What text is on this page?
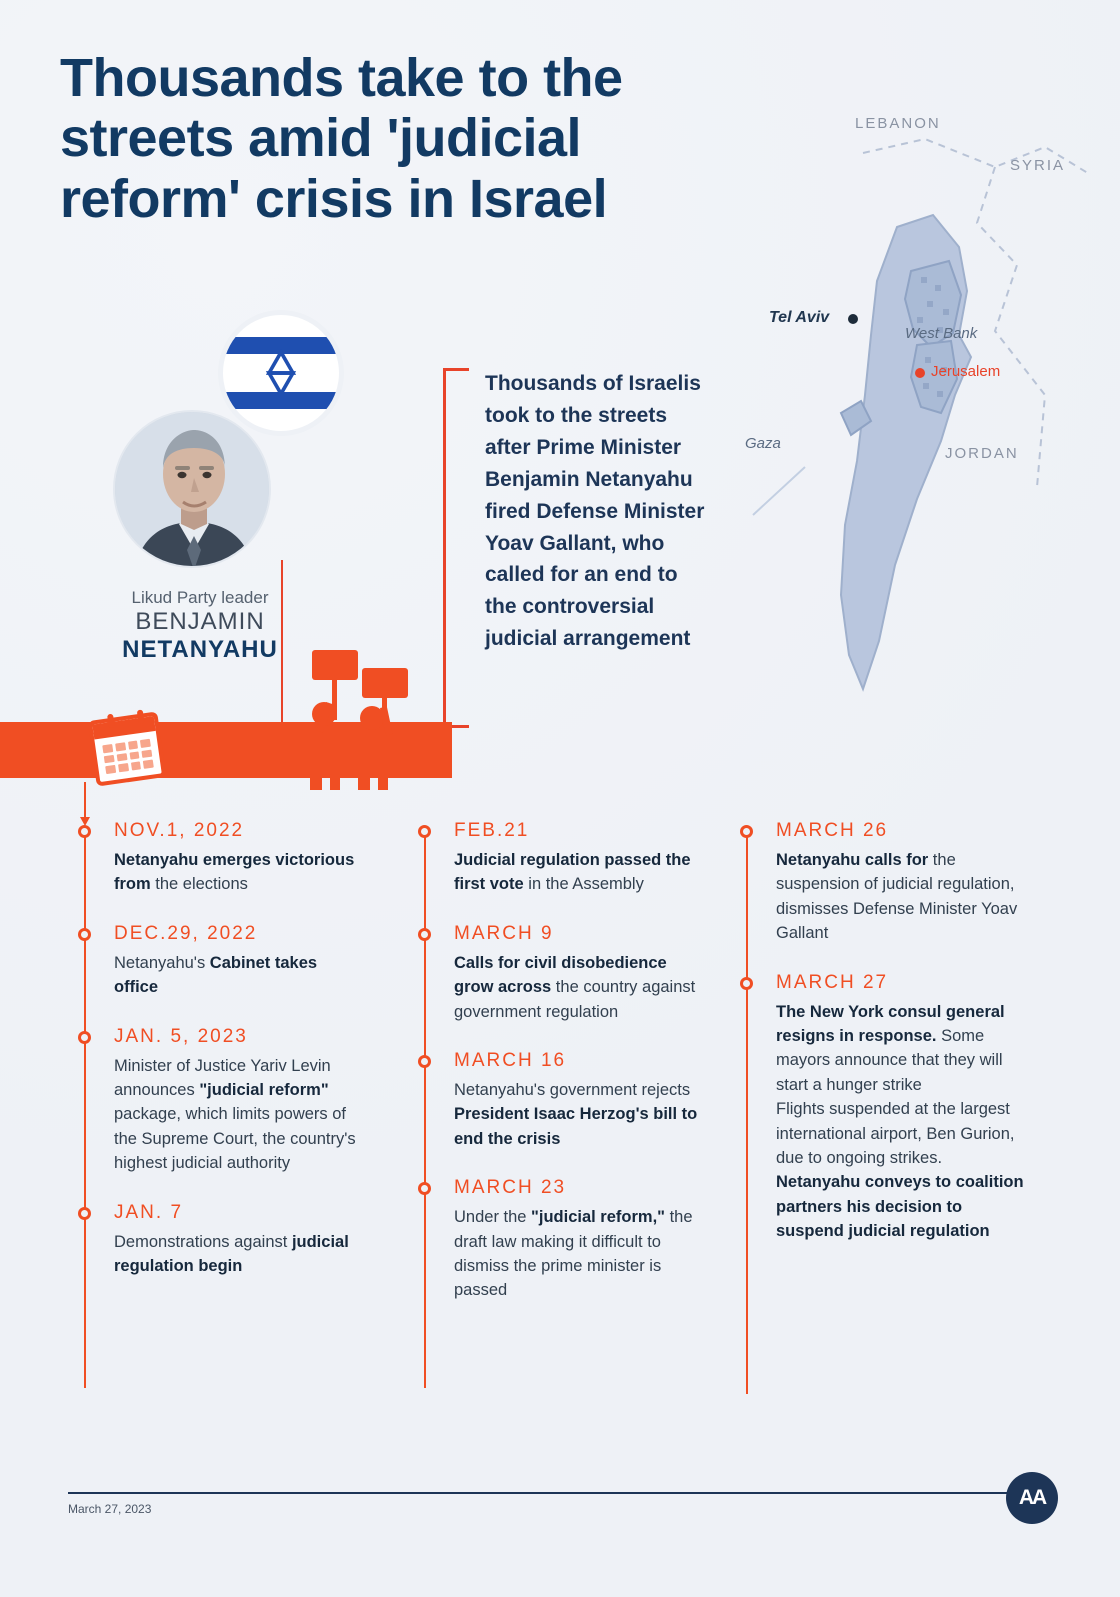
Thousands take to the
streets amid 'judicial
reform' crisis in Israel
LEBANON
SYRIA
JORDAN
West Bank
Gaza
Tel Aviv
Jerusalem
Likud Party leader
BENJAMIN
NETANYAHU
Thousands of Israelis took to the streets after Prime Minister Benjamin Netanyahu fired Defense Minister Yoav Gallant, who called for an end to the controversial judicial arrangement
NOV.1, 2022
Netanyahu emerges victorious from the elections
DEC.29, 2022
Netanyahu's Cabinet takes office
JAN. 5, 2023
Minister of Justice Yariv Levin announces "judicial reform" package, which limits powers of the Supreme Court, the country's highest judicial authority
JAN. 7
Demonstrations against judicial regulation begin
FEB.21
Judicial regulation passed the first vote in the Assembly
MARCH 9
Calls for civil disobedience grow across the country against government regulation
MARCH 16
Netanyahu's government rejects President Isaac Herzog's bill to end the crisis
MARCH 23
Under the "judicial reform," the draft law making it difficult to dismiss the prime minister is passed
MARCH 26
Netanyahu calls for the suspension of judicial regulation, dismisses Defense Minister Yoav Gallant
MARCH 27
The New York consul general resigns in response. Some mayors announce that they will start a hunger strike

Flights suspended at the largest international airport, Ben Gurion, due to ongoing strikes. Netanyahu conveys to coalition partners his decision to suspend judicial regulation

March 27, 2023	AA
